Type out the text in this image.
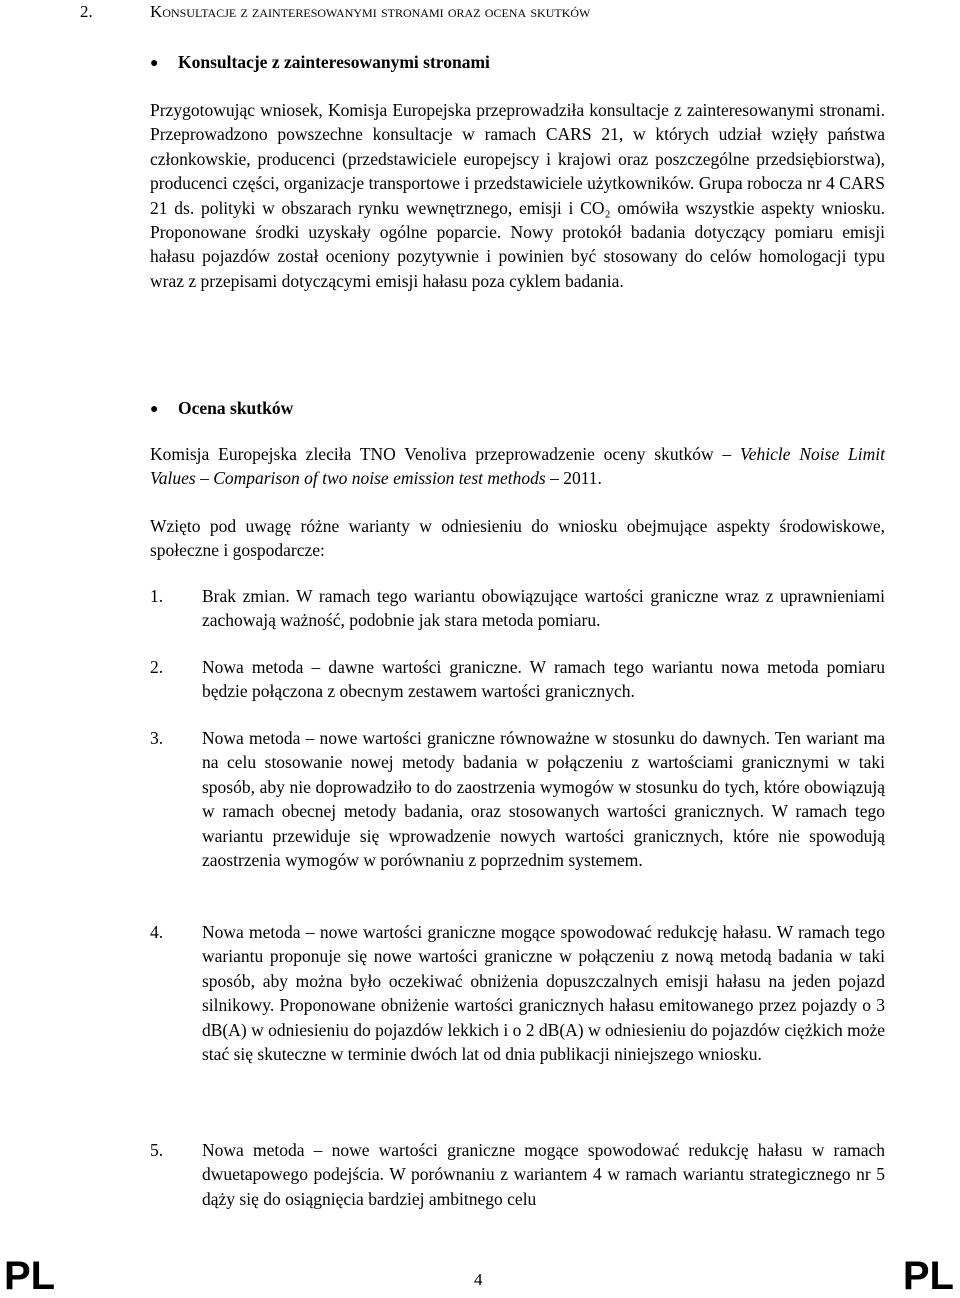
2.	Konsultacje z zainteresowanymi stronami oraz ocena skutków
● Konsultacje z zainteresowanymi stronami

Przygotowując wniosek, Komisja Europejska przeprowadziła konsultacje z zainteresowanymi stronami. Przeprowadzono powszechne konsultacje w ramach CARS 21, w których udział wzięły państwa członkowskie, producenci (przedstawiciele europejscy i krajowi oraz poszczególne przedsiębiorstwa), producenci części, organizacje transportowe i przedstawiciele użytkowników. Grupa robocza nr 4 CARS 21 ds. polityki w obszarach rynku wewnętrznego, emisji i CO₂ omówiła wszystkie aspekty wniosku. Proponowane środki uzyskały ogólne poparcie. Nowy protokół badania dotyczący pomiaru emisji hałasu pojazdów został oceniony pozytywnie i powinien być stosowany do celów homologacji typu wraz z przepisami dotyczącymi emisji hałasu poza cyklem badania.

● Ocena skutków

Komisja Europejska zleciła TNO Venoliva przeprowadzenie oceny skutków – Vehicle Noise Limit Values – Comparison of two noise emission test methods – 2011.

Wzięto pod uwagę różne warianty w odniesieniu do wniosku obejmujące aspekty środowiskowe, społeczne i gospodarcze:

1. Brak zmian. W ramach tego wariantu obowiązujące wartości graniczne wraz z uprawnieniami zachowają ważność, podobnie jak stara metoda pomiaru.
2. Nowa metoda – dawne wartości graniczne. W ramach tego wariantu nowa metoda pomiaru będzie połączona z obecnym zestawem wartości granicznych.
3. Nowa metoda – nowe wartości graniczne równoważne w stosunku do dawnych. Ten wariant ma na celu stosowanie nowej metody badania w połączeniu z wartościami granicznymi w taki sposób, aby nie doprowadziło to do zaostrzenia wymogów w stosunku do tych, które obowiązują w ramach obecnej metody badania, oraz stosowanych wartości granicznych. W ramach tego wariantu przewiduje się wprowadzenie nowych wartości granicznych, które nie spowodują zaostrzenia wymogów w porównaniu z poprzednim systemem.
4. Nowa metoda – nowe wartości graniczne mogące spowodować redukcję hałasu. W ramach tego wariantu proponuje się nowe wartości graniczne w połączeniu z nową metodą badania w taki sposób, aby można było oczekiwać obniżenia dopuszczalnych emisji hałasu na jeden pojazd silnikowy. Proponowane obniżenie wartości granicznych hałasu emitowanego przez pojazdy o 3 dB(A) w odniesieniu do pojazdów lekkich i o 2 dB(A) w odniesieniu do pojazdów ciężkich może stać się skuteczne w terminie dwóch lat od dnia publikacji niniejszego wniosku.
5. Nowa metoda – nowe wartości graniczne mogące spowodować redukcję hałasu w ramach dwuetapowego podejścia. W porównaniu z wariantem 4 w ramach wariantu strategicznego nr 5 dąży się do osiągnięcia bardziej ambitnego celu
PL	4	PL
